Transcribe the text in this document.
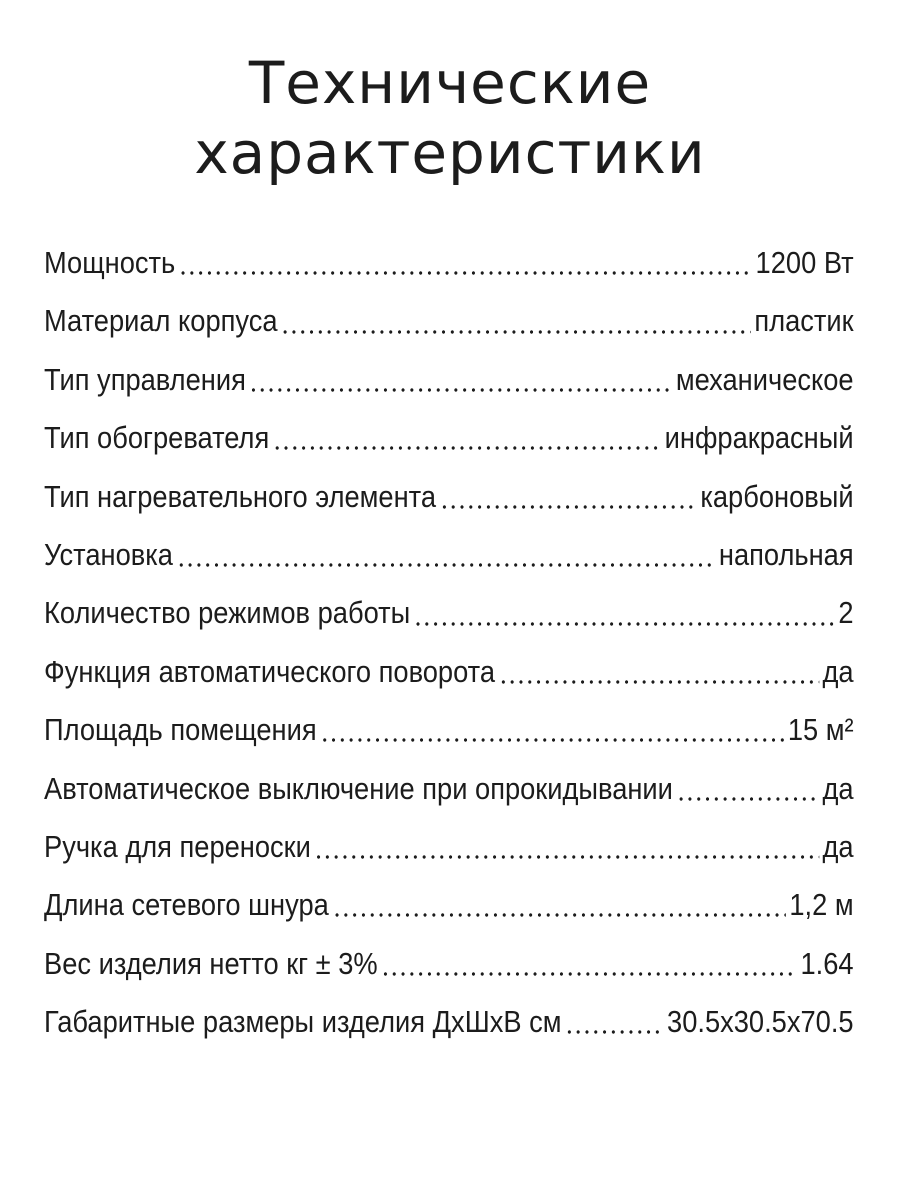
Технические
характеристики
Мощность	1200 Вт
Материал корпуса	пластик
Тип управления	механическое
Тип обогревателя	инфракрасный
Тип нагревательного элемента	карбоновый
Установка	напольная
Количество режимов работы	2
Функция автоматического поворота	да
Площадь помещения	15 м²
Автоматическое выключение при опрокидывании	да
Ручка для переноски	да
Длина сетевого шнура	1,2 м
Вес изделия нетто кг ± 3%	1.64
Габаритные размеры изделия ДхШхВ см	30.5x30.5x70.5
